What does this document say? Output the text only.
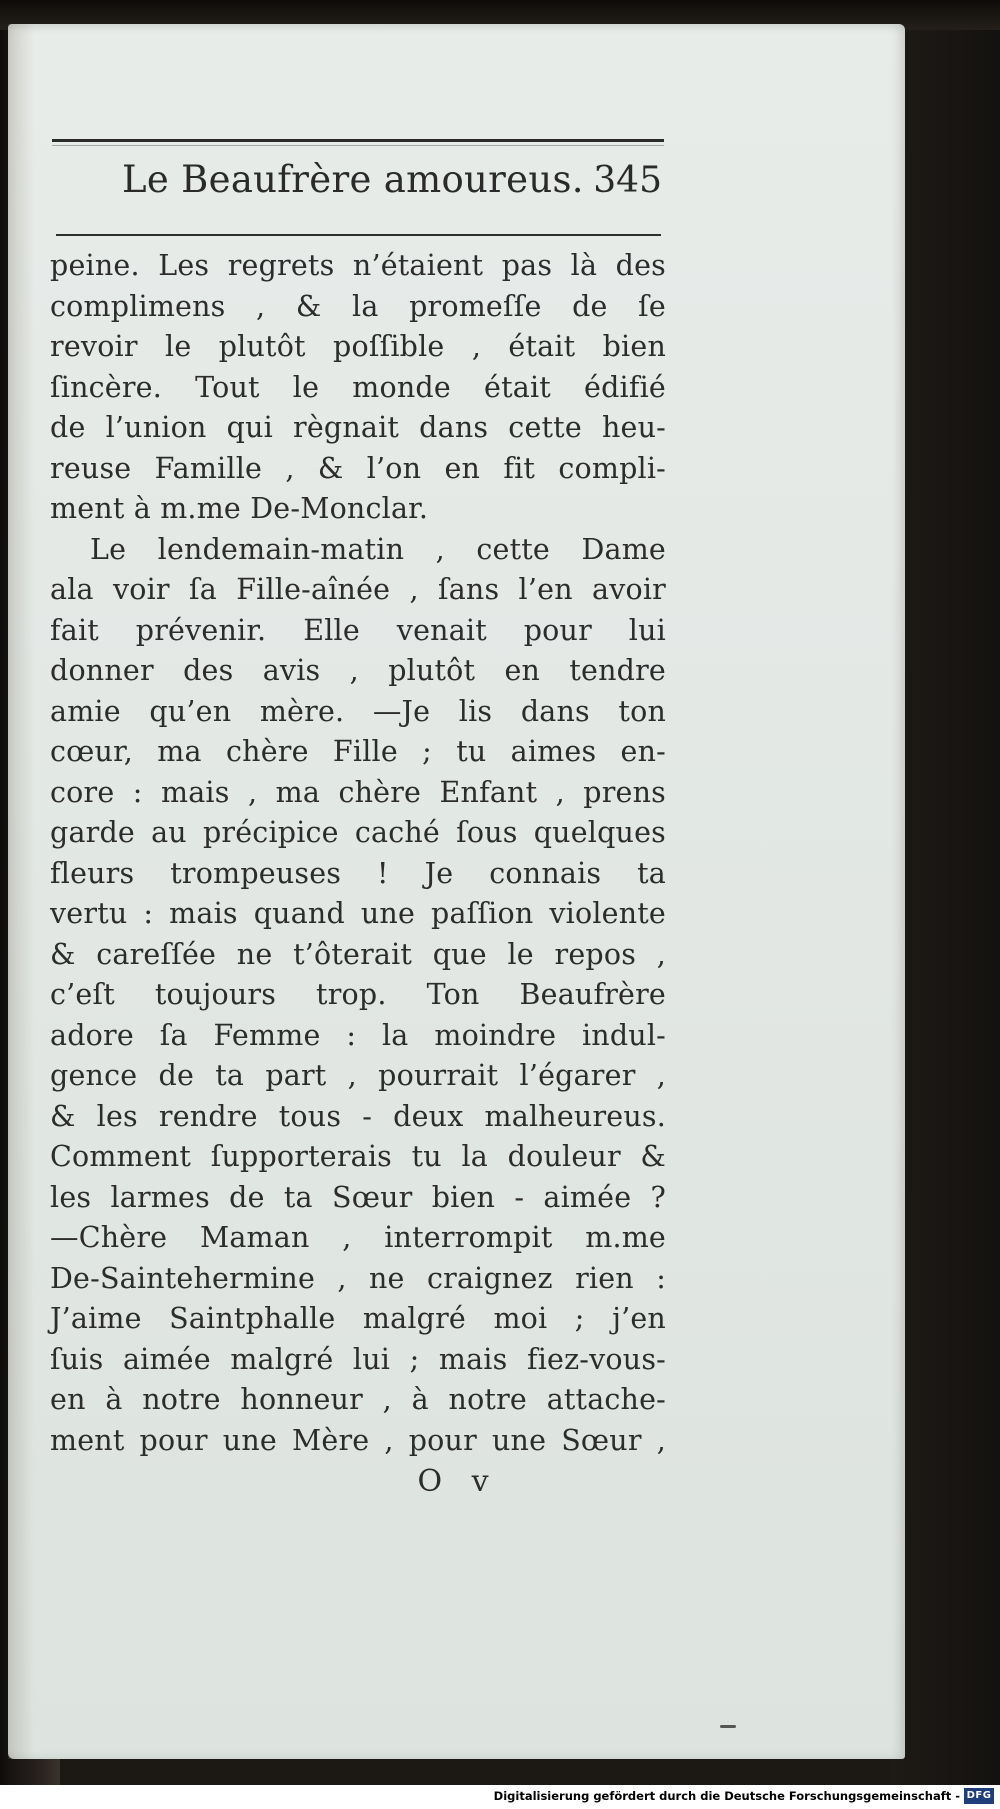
Le Beaufrère amoureus. 345
peine. Les regrets n’étaient pas là des
complimens , & la promeſſe de ſe
revoir le plutôt poſſible , était bien
ſincère. Tout le monde était édifié
de l’union qui règnait dans cette heu-
reuse Famille , & l’on en fit compli-
ment à m.me De-Monclar.
Le lendemain-matin , cette Dame
ala voir ſa Fille-aînée , ſans l’en avoir
fait prévenir. Elle venait pour lui
donner des avis , plutôt en tendre
amie qu’en mère. —Je lis dans ton
cœur, ma chère Fille ; tu aimes en-
core : mais , ma chère Enfant , prens
garde au précipice caché ſous quelques
fleurs trompeuses ! Je connais ta
vertu : mais quand une paſſion violente
& careſſée ne t’ôterait que le repos ,
c’eſt toujours trop. Ton Beaufrère
adore ſa Femme : la moindre indul-
gence de ta part , pourrait l’égarer ,
& les rendre tous - deux malheureus.
Comment ſupporterais tu la douleur &
les larmes de ta Sœur bien - aimée ?
—Chère Maman , interrompit m.me
De-Saintehermine , ne craignez rien :
J’aime Saintphalle malgré moi ; j’en
ſuis aimée malgré lui ; mais fiez-vous-
en à notre honneur , à notre attache-
ment pour une Mère , pour une Sœur ,
O v
Digitalisierung gefördert durch die Deutsche Forschungsgemeinschaft - DFG
